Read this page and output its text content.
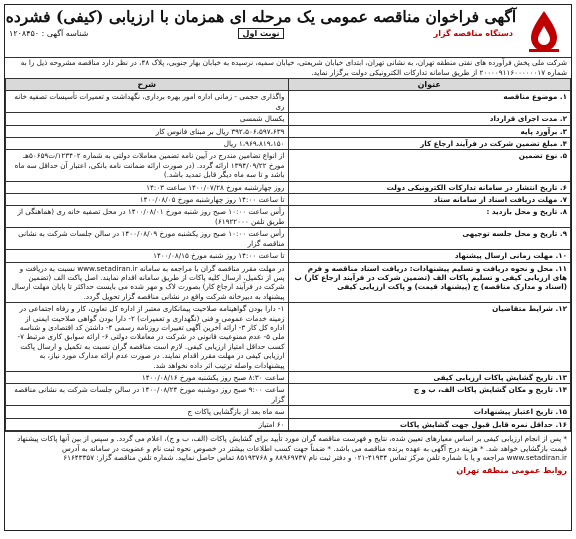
آگهی فراخوان مناقصه عمومی یک مرحله ای همزمان با ارزیابی (کیفی) فشرده
دستگاه مناقصه گزار
نوبت اول
شناسه آگهی : ۱۲۰۸۴۵۰
شرکت ملی پخش فرآورده های نفتی منطقه تهران، به نشانی تهران، ابتدای خیابان شریعتی، خیابان سمیه، نرسیده به خیابان بهار جنوبی، پلاک ۴۸، در نظر دارد مناقصه مشروحه ذیل را به شماره ۲۰۰۰۰۹۱۱۶۰۰۰۰۰۰۱۷ از طریق سامانه تدارکات الکترونیکی دولت برگزار نماید.
عنوان	شرح
۱. موضوع مناقصه	واگذاری حجمی - زمانی اداره امور بهره برداری، نگهداشت و تعمیرات تأسیسات تصفیه خانه ری
۲. مدت اجرای قرارداد	یکسال شمسی
۳. برآورد پایه	۳۹۲،۵۰۶،۵۹۷،۶۳۹ ریال بر مبنای فانوس کار
۴. مبلغ تضمین شرکت در فرآیند ارجاع کار	۱،۹۶۹،۸۱۹،۱۵۰ ریال
۵. نوع تضمین	از انواع تضامین مندرج در آیین نامه تضمین معاملات دولتی به شماره ۱۲۳۴۰۲/ت۵۰۶۵۹هـ مورخ ۱۳۹۴/۰۹/۲۲ ارائه گردد. (در صورت ارائه ضمانت نامه بانکی، اعتبار آن حداقل سه ماه باشد و تا سه ماه دیگر قابل تمدید باشد.)
۶. تاریخ انتشار در سامانه تدارکات الکترونیکی دولت	روز چهارشنبه مورخ ۱۴۰۰/۰۷/۲۸ ساعت ۱۴:۰۳
۷. مهلت دریافت اسناد از سامانه ستاد	تا ساعت ۱۴:۰۰ روز چهارشنبه مورخ ۱۴۰۰/۰۸/۰۵
۸. تاریخ و محل بازدید :	رأس ساعت ۱۰:۰۰ صبح روز شنبه مورخ ۱۴۰۰/۰۸/۰۱ در محل تصفیه خانه ری (هماهنگی از طریق تلفن ۶۱۹۲۲۰۰۰)
۹. تاریخ و محل جلسه توجیهی	رأس ساعت ۱۰:۰۰ صبح روز یکشنبه مورخ ۱۴۰۰/۰۸/۰۹ در سالن جلسات شرکت به نشانی مناقصه گزار
۱۰. مهلت زمانی ارسال پیشنهاد	تا ساعت ۱۴:۰۰ روز شنبه مورخ ۱۴۰۰/۰۸/۱۵
۱۱. محل و نحوه دریافت و تسلیم پیشنهادات: دریافت اسناد مناقصه و فرم های ارزیابی کیفی و تسلیم پاکات الف (تضمین شرکت در فرآیند ارجاع کار) ب (اسناد و مدارک مناقصه) ج (پیشنهاد قیمت) و پاکت ارزیابی کیفی	در مهلت مقرر مناقصه گران با مراجعه به سامانه www.setadiran.ir نسبت به دریافت و پس از تکمیل، ارسال کلیه پاکات از طریق سامانه اقدام نمایند. اصل پاکت الف (تضمین شرکت در فرآیند ارجاع کار) بصورت لاک و مهر شده می بایست حداکثر تا پایان مهلت ارسال پیشنهاد به دبیرخانه شرکت واقع در نشانی مناقصه گزار تحویل گردد.
۱۲. شرایط متقاضیان	۱- دارا بودن گواهینامه صلاحیت پیمانکاری معتبر از اداره کل تعاون، کار و رفاه اجتماعی در زمینه خدمات عمومی و فنی (نگهداری و تعمیرات) ۲- دارا بودن گواهی صلاحیت ایمنی از اداره کل کار ۳- ارائه آخرین آگهی تغییرات روزنامه رسمی ۴- داشتن کد اقتصادی و شناسه ملی ۵- عدم ممنوعیت قانونی در شرکت در معاملات دولتی ۶- ارائه سوابق کاری مرتبط ۷- کسب حداقل امتیاز ارزیابی کیفی. لازم است مناقصه گران نسبت به تکمیل و ارسال پاکت ارزیابی کیفی در مهلت مقرر اقدام نمایند. در صورت عدم ارائه مدارک مورد نیاز، به پیشنهادات واصله ترتیب اثر داده نخواهد شد.
۱۳. تاریخ گشایش پاکات ارزیابی کیفی	ساعت ۸:۳۰ صبح روز یکشنبه مورخ ۱۴۰۰/۰۸/۱۶
۱۴. تاریخ و مکان گشایش پاکات الف، ب و ج	ساعت ۹:۰۰ صبح روز دوشنبه مورخ ۱۴۰۰/۰۸/۲۴ در سالن جلسات شرکت به نشانی مناقصه گزار
۱۵. تاریخ اعتبار پیشنهادات	سه ماه بعد از بازگشایی پاکات ج
۱۶. حداقل نمره قابل قبول جهت گشایش پاکات	۶۰ امتیاز
* پس از انجام ارزیابی کیفی بر اساس معیارهای تعیین شده، نتایج و فهرست مناقصه گران مورد تأیید برای گشایش پاکات (الف، ب و ج)، اعلام می گردد. و سپس از بین آنها پاکات پیشنهاد قیمت بازگشایی خواهد شد. * هزینه درج آگهی به عهده برنده مناقصه می باشد. * ضمناً جهت کسب اطلاعات بیشتر در خصوص نحوه ثبت نام و عضویت در سامانه به آدرس www.setadiran.ir مراجعه و یا با شماره تلفن مرکز تماس ۴۱۹۳۴-۰۲۱ و دفتر ثبت نام ۸۸۹۶۹۷۳۷ و ۸۵۱۹۳۷۶۸ تماس حاصل نمایید. شماره تلفن مناقصه گزار: ۶۱۶۴۳۳۵۷
روابط عمومی منطقه تهران
